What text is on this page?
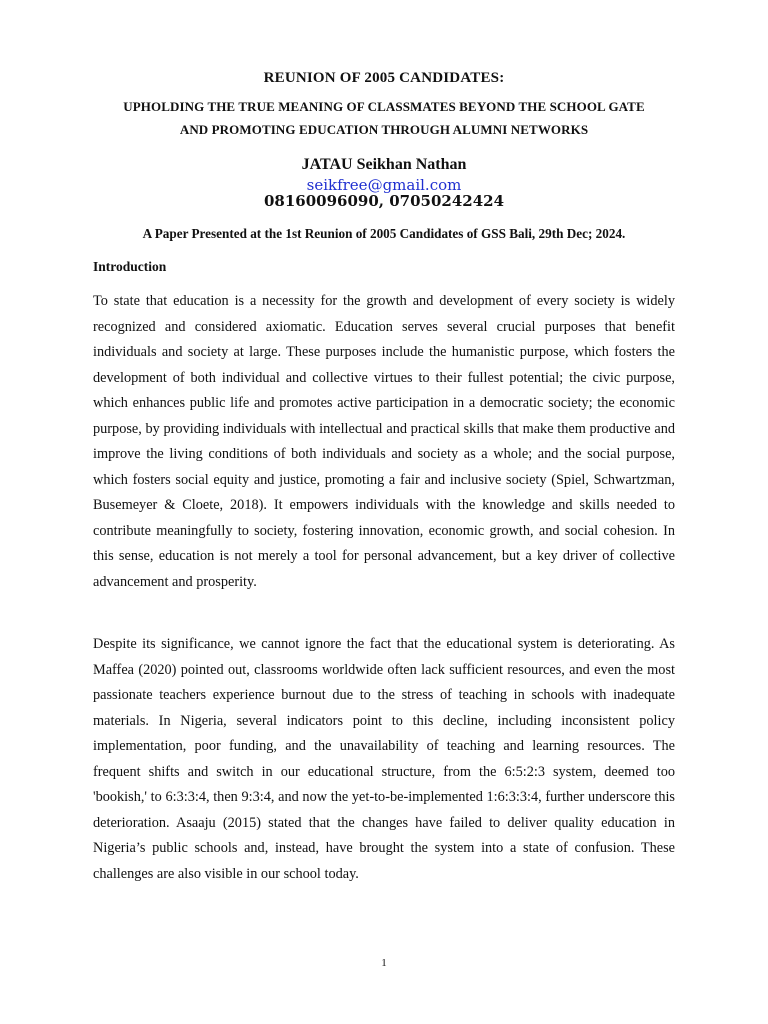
REUNION OF 2005 CANDIDATES:
UPHOLDING THE TRUE MEANING OF CLASSMATES BEYOND THE SCHOOL GATE
AND PROMOTING EDUCATION THROUGH ALUMNI NETWORKS
JATAU Seikhan Nathan
seikfree@gmail.com
08160096090, 07050242424
A Paper Presented at the 1st Reunion of 2005 Candidates of GSS Bali, 29th Dec; 2024.
Introduction

To state that education is a necessity for the growth and development of every society is widely recognized and considered axiomatic. Education serves several crucial purposes that benefit individuals and society at large. These purposes include the humanistic purpose, which fosters the development of both individual and collective virtues to their fullest potential; the civic purpose, which enhances public life and promotes active participation in a democratic society; the economic purpose, by providing individuals with intellectual and practical skills that make them productive and improve the living conditions of both individuals and society as a whole; and the social purpose, which fosters social equity and justice, promoting a fair and inclusive society (Spiel, Schwartzman, Busemeyer & Cloete, 2018). It empowers individuals with the knowledge and skills needed to contribute meaningfully to society, fostering innovation, economic growth, and social cohesion. In this sense, education is not merely a tool for personal advancement, but a key driver of collective advancement and prosperity.

Despite its significance, we cannot ignore the fact that the educational system is deteriorating. As Maffea (2020) pointed out, classrooms worldwide often lack sufficient resources, and even the most passionate teachers experience burnout due to the stress of teaching in schools with inadequate materials. In Nigeria, several indicators point to this decline, including inconsistent policy implementation, poor funding, and the unavailability of teaching and learning resources. The frequent shifts and switch in our educational structure, from the 6:5:2:3 system, deemed too 'bookish,' to 6:3:3:4, then 9:3:4, and now the yet-to-be-implemented 1:6:3:3:4, further underscore this deterioration. Asaaju (2015) stated that the changes have failed to deliver quality education in Nigeria’s public schools and, instead, have brought the system into a state of confusion. These challenges are also visible in our school today.

1
